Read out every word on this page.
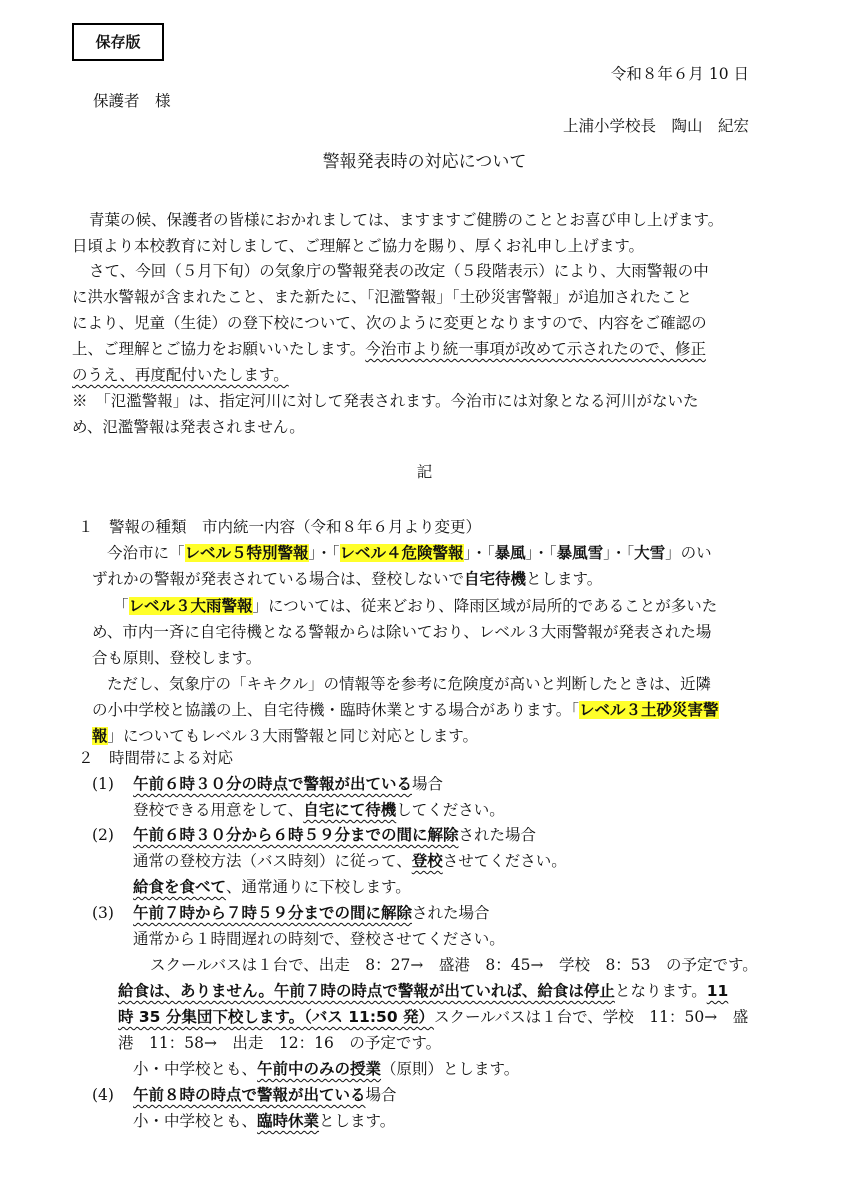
保存版
令和８年６月 10 日
保護者　様
上浦小学校長　陶山　紀宏
警報発表時の対応について
青葉の候、保護者の皆様におかれましては、ますますご健勝のこととお喜び申し上げます。
日頃より本校教育に対しまして、ご理解とご協力を賜り、厚くお礼申し上げます。
さて、今回（５月下旬）の気象庁の警報発表の改定（５段階表示）により、大雨警報の中
に洪水警報が含まれたこと、また新たに、「氾濫警報」「土砂災害警報」が追加されたこと
により、児童（生徒）の登下校について、次のように変更となりますので、内容をご確認の
上、ご理解とご協力をお願いいたします。今治市より統一事項が改めて示されたので、修正
のうえ、再度配付いたします。
※　「氾濫警報」は、指定河川に対して発表されます。今治市には対象となる河川がないた
め、氾濫警報は発表されません。
記
１　警報の種類　市内統一内容（令和８年６月より変更）
今治市に「レベル５特別警報」・「レベル４危険警報」・「暴風」・「暴風雪」・「大雪」のい
ずれかの警報が発表されている場合は、登校しないで自宅待機とします。
「レベル３大雨警報」については、従来どおり、降雨区域が局所的であることが多いた
め、市内一斉に自宅待機となる警報からは除いており、レベル３大雨警報が発表された場
合も原則、登校します。
ただし、気象庁の「キキクル」の情報等を参考に危険度が高いと判断したときは、近隣
の小中学校と協議の上、自宅待機・臨時休業とする場合があります。「レベル３土砂災害警
報」についてもレベル３大雨警報と同じ対応とします。
２　時間帯による対応
(1) 午前６時３０分の時点で警報が出ている場合
登校できる用意をして、自宅にて待機してください。
(2) 午前６時３０分から６時５９分までの間に解除された場合
通常の登校方法（バス時刻）に従って、登校させてください。
給食を食べて、通常通りに下校します。
(3) 午前７時から７時５９分までの間に解除された場合
通常から１時間遅れの時刻で、登校させてください。
スクールバスは１台で、出走　8：27→　盛港　8：45→　学校　8：53　の予定です。
給食は、ありません。午前７時の時点で警報が出ていれば、給食は停止となります。11
時 35 分集団下校します。（バス 11:50 発）スクールバスは１台で、学校　11：50→　盛
港　11：58→　出走　12：16　の予定です。
小・中学校とも、午前中のみの授業（原則）とします。
(4) 午前８時の時点で警報が出ている場合
小・中学校とも、臨時休業とします。
